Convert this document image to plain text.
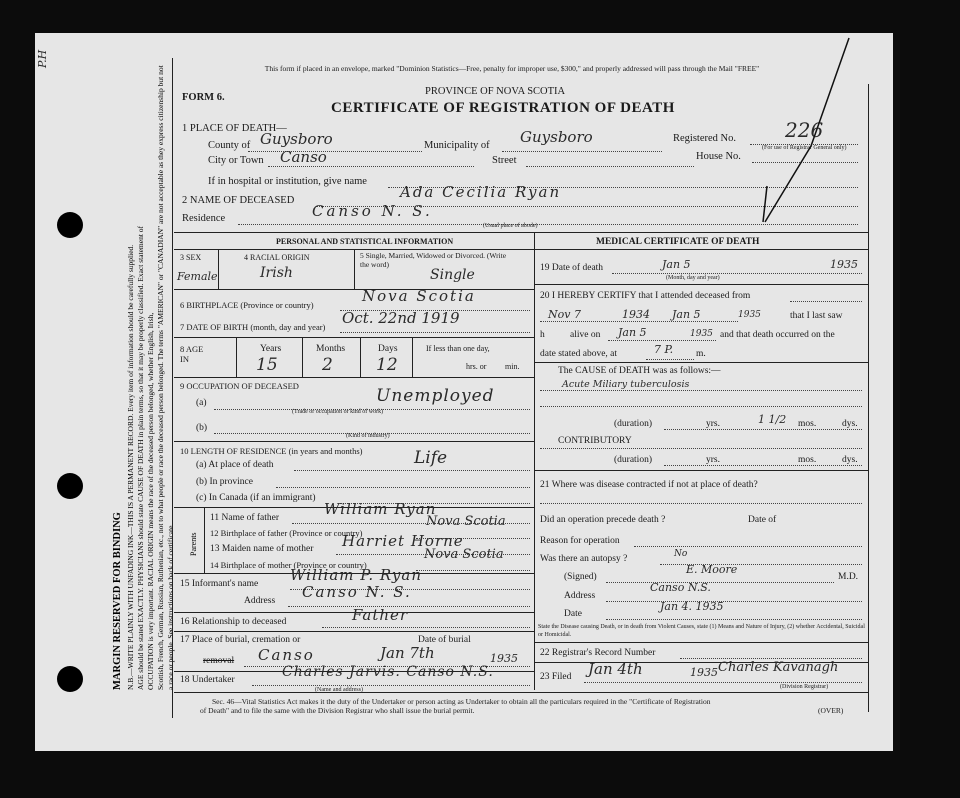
P.H
MARGIN RESERVED FOR BINDING N.B.—WRITE PLAINLY WITH UNFADING INK—THIS IS A PERMANENT RECORD. Every item of information should be carefully supplied. AGE should be stated EXACTLY. PHYSICIANS should state CAUSE OF DEATH in plain terms, so that it may be properly classified. Exact statement of OCCUPATION is very important. RACIAL ORIGIN means the race of the deceased person belonged, whether English, Irish, Scottish, French, German, Russian, Ruthenian, etc., not to what people or race the deceased person belonged. The terms "AMERICAN" or "CANADIAN" are not acceptable as they express citizenship but not a race or people. See instructions on back of certificate.
This form if placed in an envelope, marked "Dominion Statistics—Free, penalty for improper use, $300," and properly addressed will pass through the Mail "FREE"
PROVINCE OF NOVA SCOTIA
FORM 6.
CERTIFICATE OF REGISTRATION OF DEATH
1 PLACE OF DEATH—
County of Guysboro	Municipality of Guysboro	Registered No. 226
(For use of Registrar General only)
City or Town Canso	Street	House No.
If in hospital or institution, give name
2 NAME OF DECEASED	Ada Cecilia Ryan
Residence	Canso N. S.
(Usual place of abode)
PERSONAL AND STATISTICAL INFORMATION
3 SEX	4 RACIAL ORIGIN	5 Single, Married, Widowed or Divorced. (Write the word)
Female	Irish	Single
6 BIRTHPLACE (Province or country)	Nova Scotia
7 DATE OF BIRTH (month, day and year) Oct. 22nd 1919
8 AGE IN
Years	Months	Days	If less than one day,
15	2	12	hrs. or min.
9 OCCUPATION OF DECEASED
(a)	Unemployed
(Trade or occupation or kind of work)
(b)
(Kind of industry)
10 LENGTH OF RESIDENCE (in years and months)
(a) At place of death	Life
(b) In province
(c) In Canada (if an immigrant)
Parents
11 Name of father	William Ryan
12 Birthplace of father (Province or country)
Nova Scotia
13 Maiden name of mother Harriet Horne
14 Birthplace of mother (Province or country)
Nova Scotia
15 Informant's name William P. Ryan
Address Canso N. S.
16 Relationship to deceased	Father
17 Place of burial, cremation or	Date of burial
removal Canso	Jan 7th	1935
18 Undertaker	Charles Jarvis. Canso N.S.
(Name and address)
MEDICAL CERTIFICATE OF DEATH
19 Date of death	Jan 5	1935
(Month, day and year)
20 I HEREBY CERTIFY that I attended deceased from
Nov 7	1934 Jan 5	1935	that I last saw
h	alive on Jan 5	1935 and that death occurred on the
date stated above, at	7 P. m.
The CAUSE of DEATH was as follows:—
Acute Miliary tuberculosis
(duration)	yrs.	1 1/2 mos.	dys.
CONTRIBUTORY
(duration)	yrs.	mos.	dys.
21 Where was disease contracted if not at place of death?
Did an operation precede death ?	Date of
Reason for operation
Was there an autopsy ?	No
(Signed)
E. Moore
M.D.
Address
Canso N.S.
Date
Jan 4. 1935
State the Disease causing Death, or in death from Violent Causes, state (1) Means and Nature of Injury, (2) whether Accidental, Suicidal or Homicidal.
22 Registrar's Record Number
23 Filed Jan 4th	1935 Charles Kavanagh
(Division Registrar)
Sec. 46—Vital Statistics Act makes it the duty of the Undertaker or person acting as Undertaker to obtain all the particulars required in the "Certificate of Registration
of Death" and to file the same with the Division Registrar who shall issue the burial permit.	(OVER)
